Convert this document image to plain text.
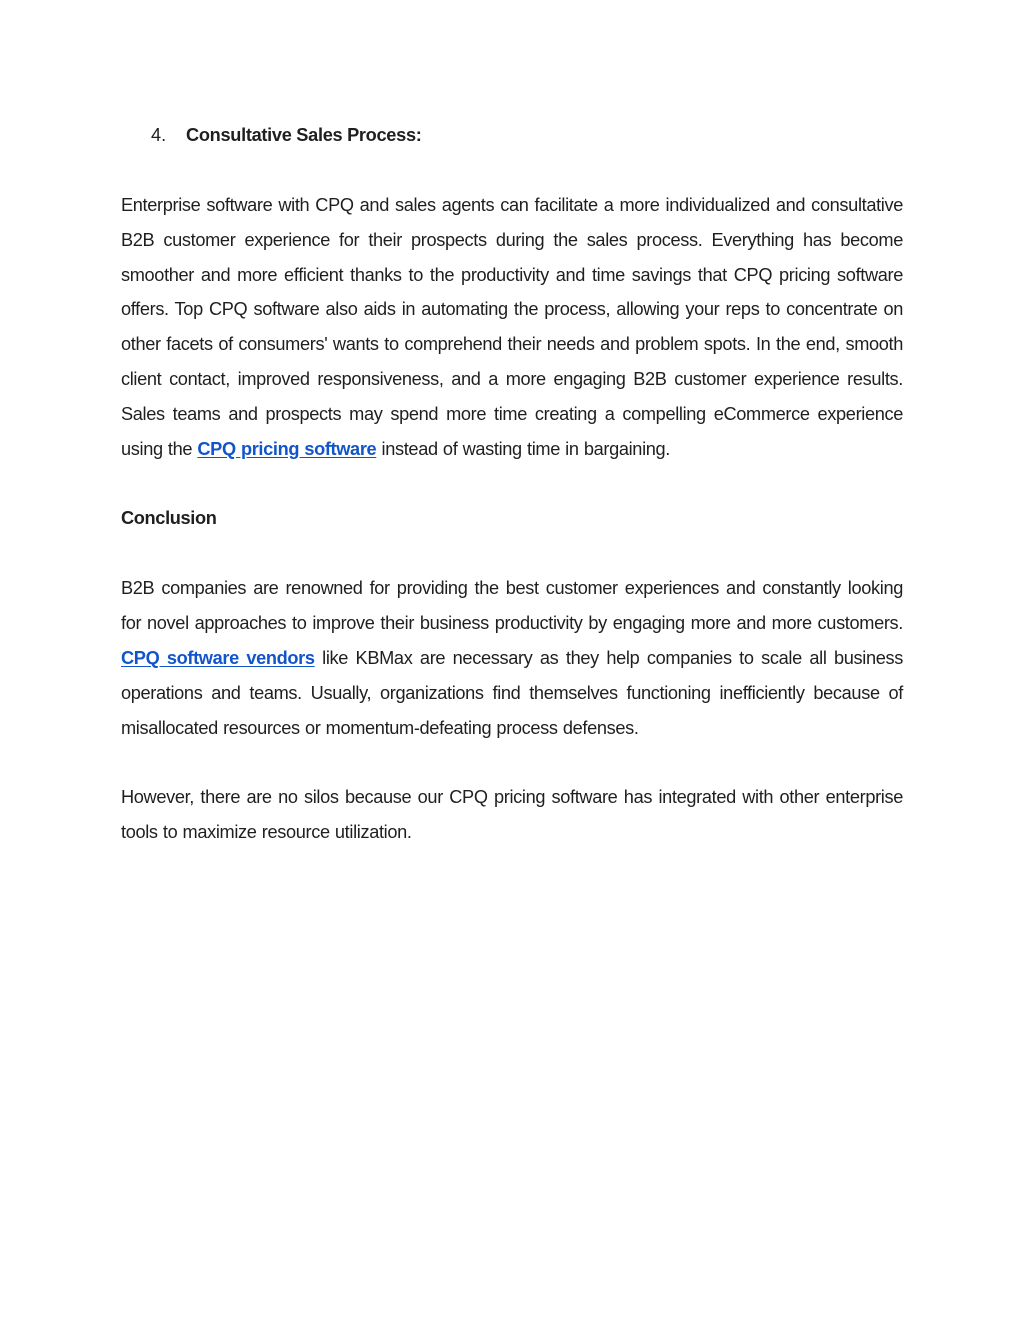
4.	Consultative Sales Process:

Enterprise software with CPQ and sales agents can facilitate a more individualized and consultative B2B customer experience for their prospects during the sales process. Everything has become smoother and more efficient thanks to the productivity and time savings that CPQ pricing software offers. Top CPQ software also aids in automating the process, allowing your reps to concentrate on other facets of consumers' wants to comprehend their needs and problem spots. In the end, smooth client contact, improved responsiveness, and a more engaging B2B customer experience results. Sales teams and prospects may spend more time creating a compelling eCommerce experience using the CPQ pricing software instead of wasting time in bargaining.

Conclusion

B2B companies are renowned for providing the best customer experiences and constantly looking for novel approaches to improve their business productivity by engaging more and more customers. CPQ software vendors like KBMax are necessary as they help companies to scale all business operations and teams. Usually, organizations find themselves functioning inefficiently because of misallocated resources or momentum-defeating process defenses.

However, there are no silos because our CPQ pricing software has integrated with other enterprise tools to maximize resource utilization.
